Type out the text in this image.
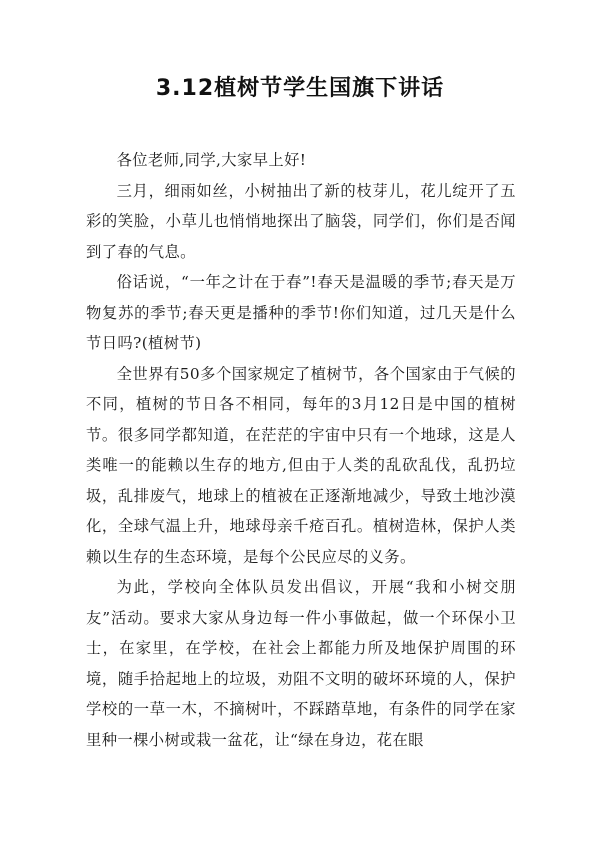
3.12植树节学生国旗下讲话

各位老师,同学,大家早上好!

三月，细雨如丝，小树抽出了新的枝芽儿，花儿绽开了五彩的笑脸，小草儿也悄悄地探出了脑袋，同学们，你们是否闻到了春的气息。

俗话说，“一年之计在于春”!春天是温暖的季节;春天是万物复苏的季节;春天更是播种的季节!你们知道，过几天是什么节日吗?(植树节)

全世界有50多个国家规定了植树节，各个国家由于气候的不同，植树的节日各不相同，每年的3月12日是中国的植树节。很多同学都知道，在茫茫的宇宙中只有一个地球，这是人类唯一的能赖以生存的地方,但由于人类的乱砍乱伐，乱扔垃圾，乱排废气，地球上的植被在正逐渐地减少，导致土地沙漠化，全球气温上升，地球母亲千疮百孔。植树造林，保护人类赖以生存的生态环境，是每个公民应尽的义务。

为此，学校向全体队员发出倡议，开展“我和小树交朋友”活动。要求大家从身边每一件小事做起，做一个环保小卫士，在家里，在学校，在社会上都能力所及地保护周围的环境，随手拾起地上的垃圾，劝阻不文明的破坏环境的人，保护学校的一草一木，不摘树叶，不踩踏草地，有条件的同学在家里种一棵小树或栽一盆花，让“绿在身边，花在眼
